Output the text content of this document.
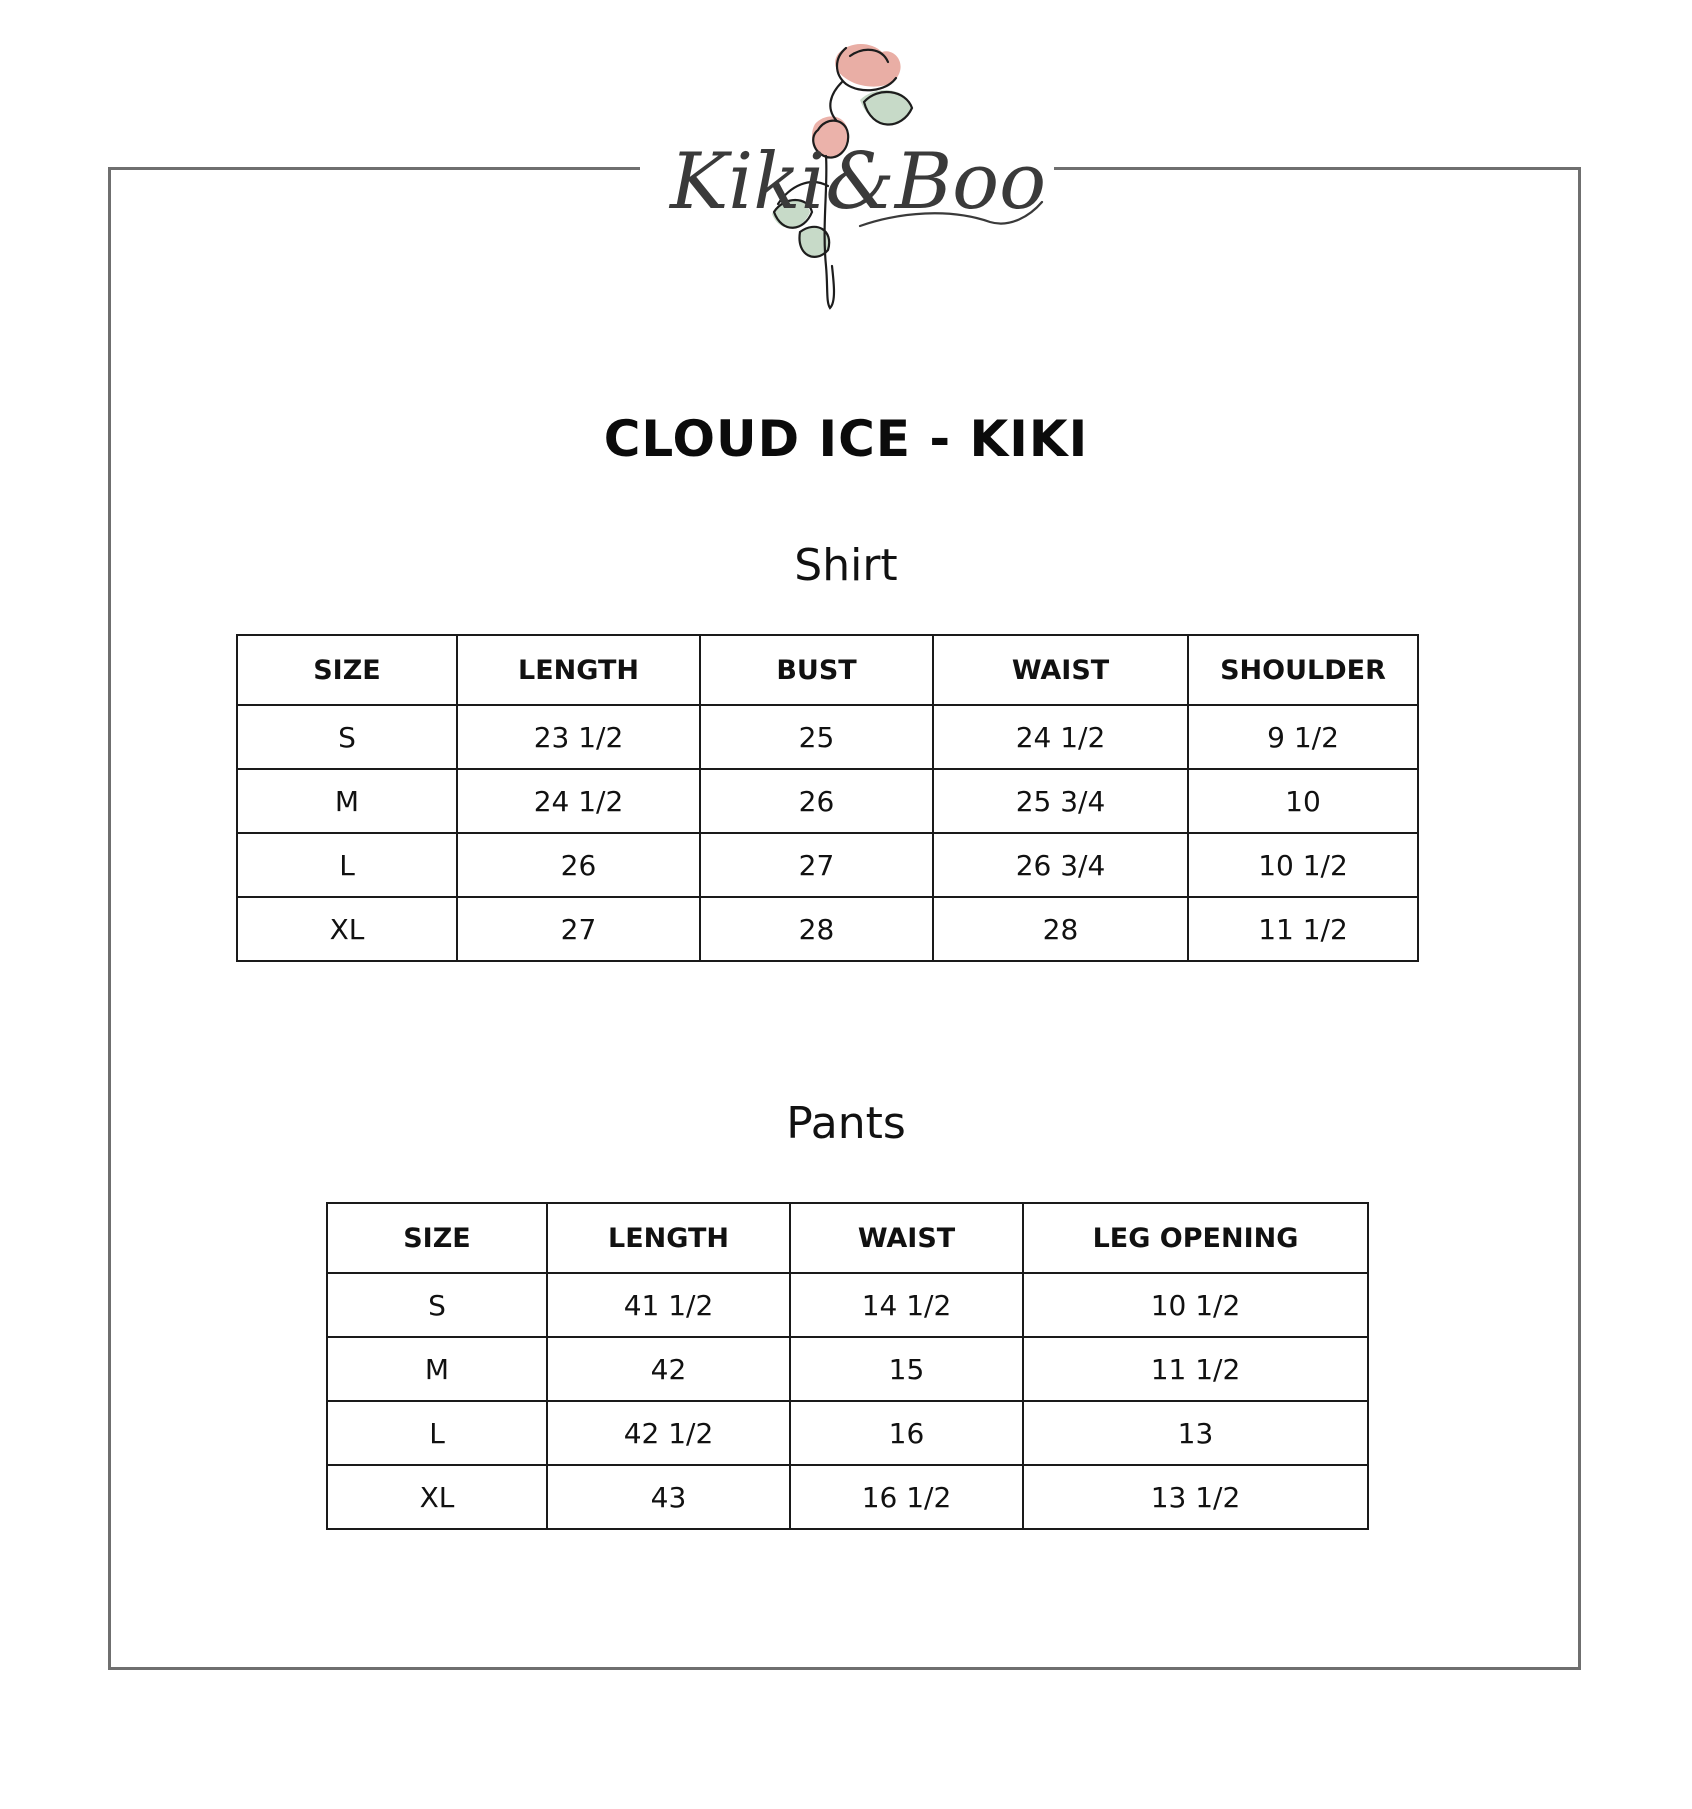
Kiki&Boo
CLOUD ICE - KIKI
Shirt
SIZE	LENGTH	BUST	WAIST	SHOULDER
S	23 1/2	25	24 1/2	9 1/2
M	24 1/2	26	25 3/4	10
L	26	27	26 3/4	10 1/2
XL	27	28	28	11 1/2
Pants
SIZE	LENGTH	WAIST	LEG OPENING
S	41 1/2	14 1/2	10 1/2
M	42	15	11 1/2
L	42 1/2	16	13
XL	43	16 1/2	13 1/2
